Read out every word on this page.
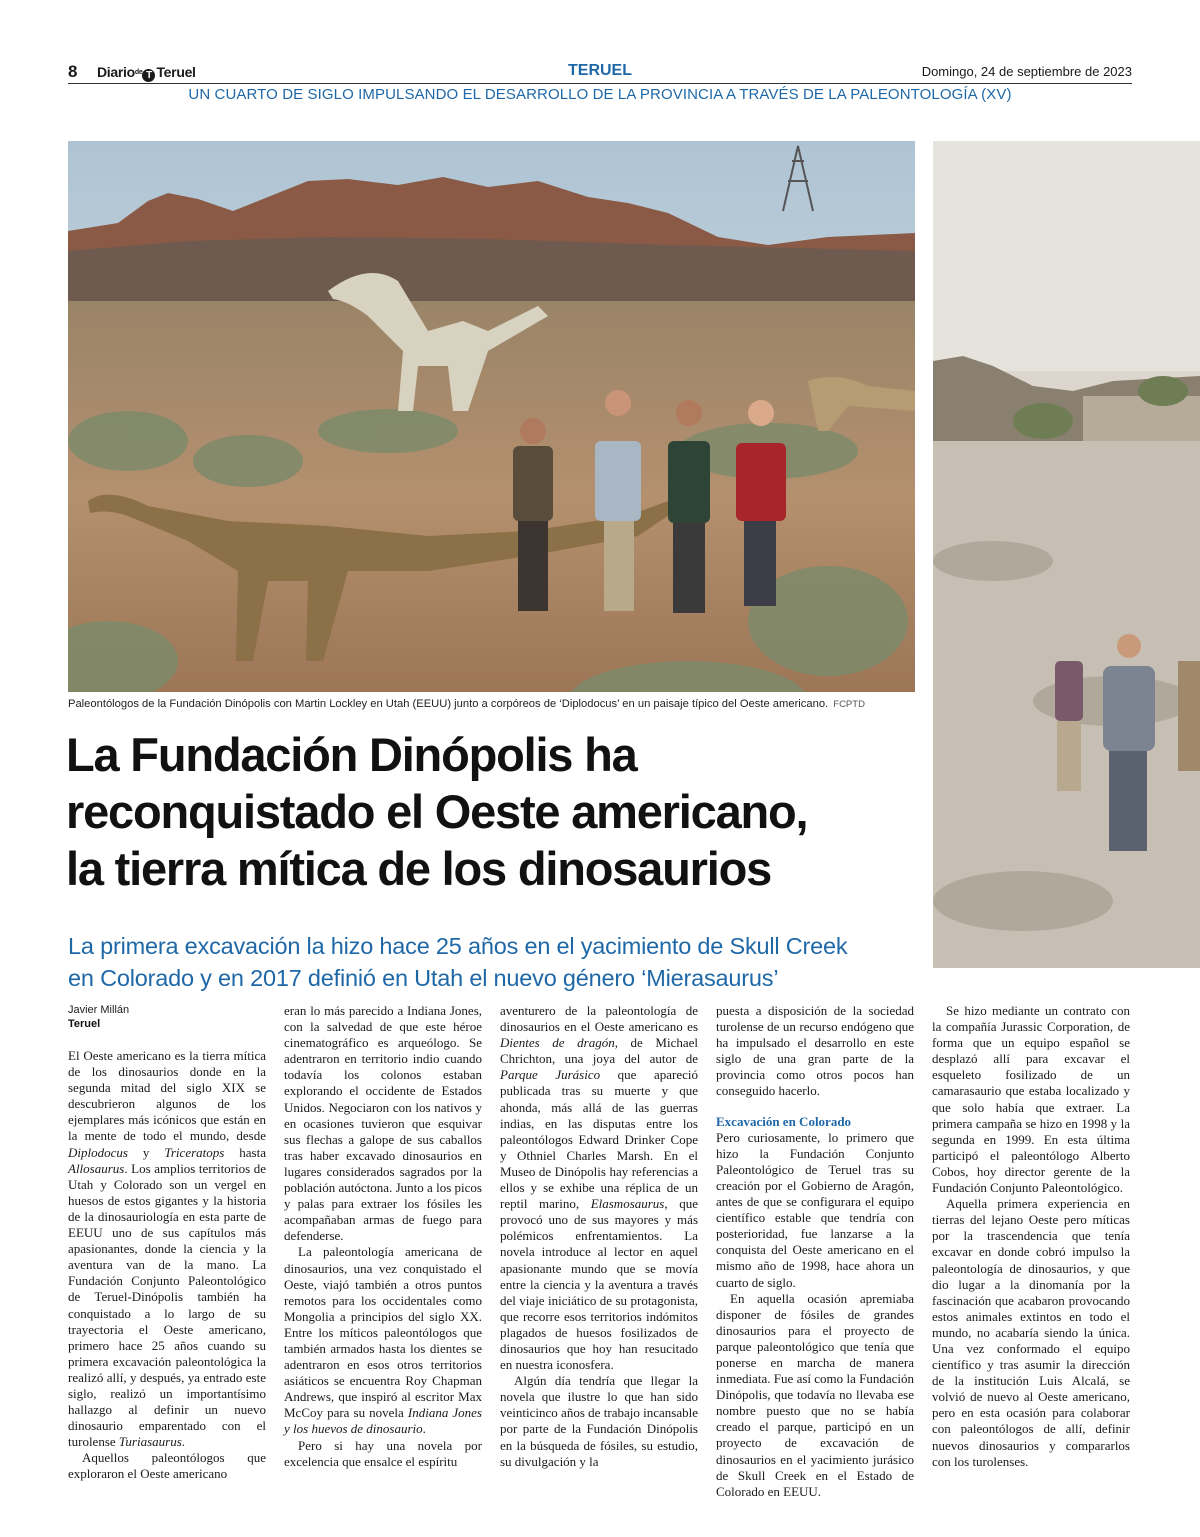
8 Diario$^{de}$ T Teruel	TERUEL	Domingo, 24 de septiembre de 2023
UN CUARTO DE SIGLO IMPULSANDO EL DESARROLLO DE LA PROVINCIA A TRAVÉS DE LA PALEONTOLOGÍA (XV)
Paleontólogos de la Fundación Dinópolis con Martin Lockley en Utah (EEUU) junto a corpóreos de ‘Diplodocus’ en un paisaje típico del Oeste americano. FCPTD
La Fundación Dinópolis ha
reconquistado el Oeste americano,
la tierra mítica de los dinosaurios
La primera excavación la hizo hace 25 años en el yacimiento de Skull Creek
en Colorado y en 2017 definió en Utah el nuevo género ‘Mierasaurus’
Javier Millán
Teruel

El Oeste americano es la tierra mítica de los dinosaurios donde en la segunda mitad del siglo XIX se descubrieron algunos de los ejemplares más icónicos que están en la mente de todo el mundo, desde Diplodocus y Triceratops hasta Allosaurus. Los amplios territorios de Utah y Colorado son un vergel en huesos de estos gigantes y la historia de la dinosauriología en esta parte de EEUU uno de sus capítulos más apasionantes, donde la ciencia y la aventura van de la mano. La Fundación Conjunto Paleontológico de Teruel-Dinópolis también ha conquistado a lo largo de su trayectoria el Oeste americano, primero hace 25 años cuando su primera excavación paleontológica la realizó allí, y después, ya entrado este siglo, realizó un importantísimo hallazgo al definir un nuevo dinosaurio emparentado con el turolense Turiasaurus.

Aquellos paleontólogos que exploraron el Oeste americano

eran lo más parecido a Indiana Jones, con la salvedad de que este héroe cinematográfico es arqueólogo. Se adentraron en territorio indio cuando todavía los colonos estaban explorando el occidente de Estados Unidos. Negociaron con los nativos y en ocasiones tuvieron que esquivar sus flechas a galope de sus caballos tras haber excavado dinosaurios en lugares considerados sagrados por la población autóctona. Junto a los picos y palas para extraer los fósiles les acompañaban armas de fuego para defenderse.

La paleontología americana de dinosaurios, una vez conquistado el Oeste, viajó también a otros puntos remotos para los occidentales como Mongolia a principios del siglo XX. Entre los míticos paleontólogos que también armados hasta los dientes se adentraron en esos otros territorios asiáticos se encuentra Roy Chapman Andrews, que inspiró al escritor Max McCoy para su novela Indiana Jones y los huevos de dinosaurio.

Pero si hay una novela por excelencia que ensalce el espíritu

aventurero de la paleontología de dinosaurios en el Oeste americano es Dientes de dragón, de Michael Chrichton, una joya del autor de Parque Jurásico que apareció publicada tras su muerte y que ahonda, más allá de las guerras indias, en las disputas entre los paleontólogos Edward Drinker Cope y Othniel Charles Marsh. En el Museo de Dinópolis hay referencias a ellos y se exhibe una réplica de un reptil marino, Elasmosaurus, que provocó uno de sus mayores y más polémicos enfrentamientos. La novela introduce al lector en aquel apasionante mundo que se movía entre la ciencia y la aventura a través del viaje iniciático de su protagonista, que recorre esos territorios indómitos plagados de huesos fosilizados de dinosaurios que hoy han resucitado en nuestra iconosfera.

Algún día tendría que llegar la novela que ilustre lo que han sido veinticinco años de trabajo incansable por parte de la Fundación Dinópolis en la búsqueda de fósiles, su estudio, su divulgación y la

puesta a disposición de la sociedad turolense de un recurso endógeno que ha impulsado el desarrollo en este siglo de una gran parte de la provincia como otros pocos han conseguido hacerlo.

Excavación en Colorado

Pero curiosamente, lo primero que hizo la Fundación Conjunto Paleontológico de Teruel tras su creación por el Gobierno de Aragón, antes de que se configurara el equipo científico estable que tendría con posterioridad, fue lanzarse a la conquista del Oeste americano en el mismo año de 1998, hace ahora un cuarto de siglo.

En aquella ocasión apremiaba disponer de fósiles de grandes dinosaurios para el proyecto de parque paleontológico que tenía que ponerse en marcha de manera inmediata. Fue así como la Fundación Dinópolis, que todavía no llevaba ese nombre puesto que no se había creado el parque, participó en un proyecto de excavación de dinosaurios en el yacimiento jurásico de Skull Creek en el Estado de Colorado en EEUU.

Se hizo mediante un contrato con la compañía Jurassic Corporation, de forma que un equipo español se desplazó allí para excavar el esqueleto fosilizado de un camarasaurio que estaba localizado y que solo había que extraer. La primera campaña se hizo en 1998 y la segunda en 1999. En esta última participó el paleontólogo Alberto Cobos, hoy director gerente de la Fundación Conjunto Paleontológico.

Aquella primera experiencia en tierras del lejano Oeste pero míticas por la trascendencia que tenía excavar en donde cobró impulso la paleontología de dinosaurios, y que dio lugar a la dinomanía por la fascinación que acabaron provocando estos animales extintos en todo el mundo, no acabaría siendo la única. Una vez conformado el equipo científico y tras asumir la dirección de la institución Luis Alcalá, se volvió de nuevo al Oeste americano, pero en esta ocasión para colaborar con paleontólogos de allí, definir nuevos dinosaurios y compararlos con los turolenses.
